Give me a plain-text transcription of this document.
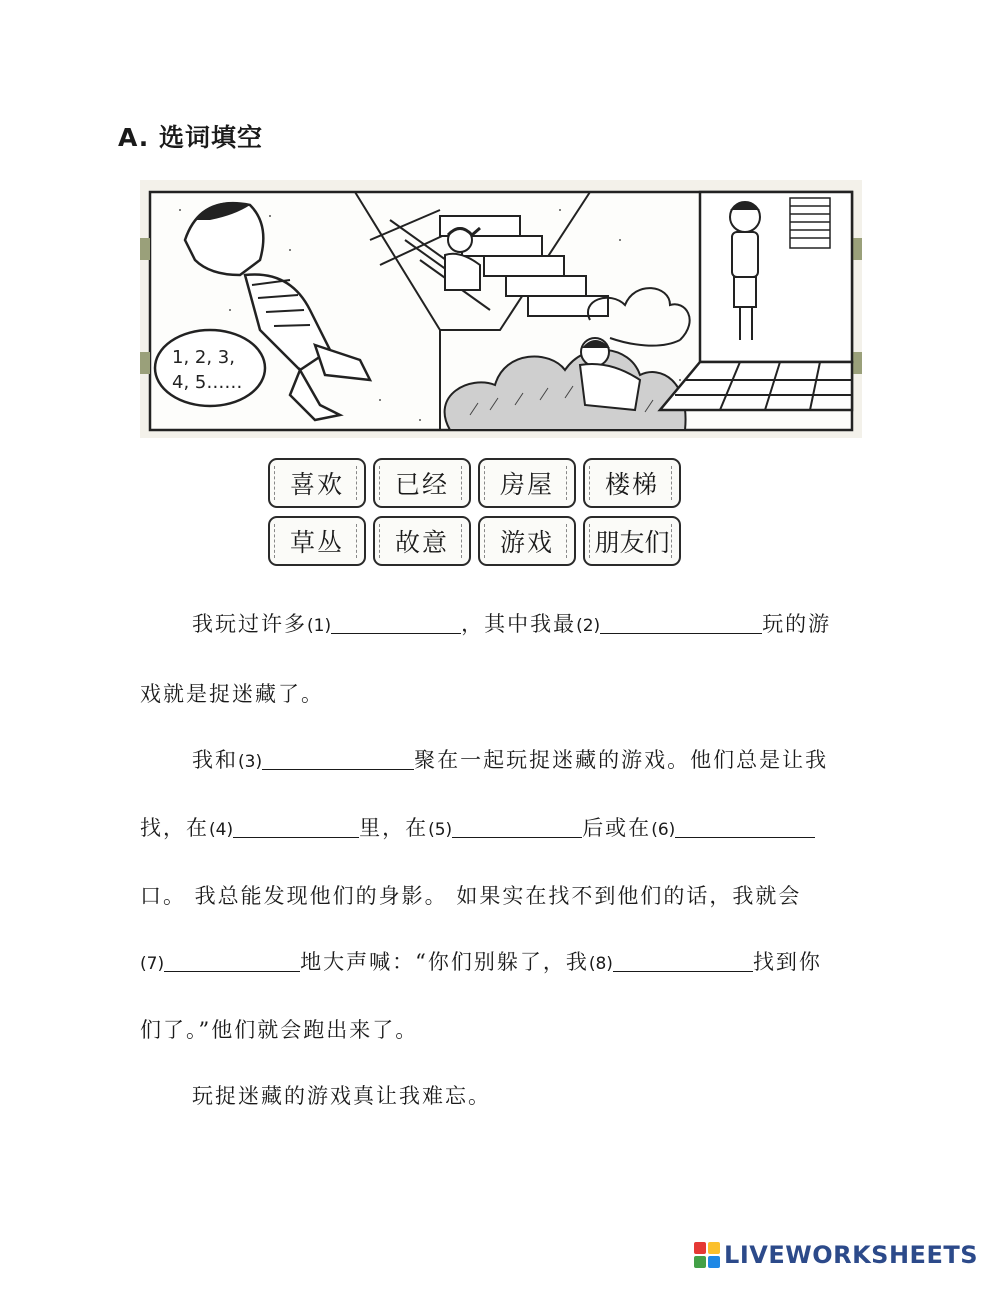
A. 选词填空
1, 2, 3,
4, 5……
喜欢	已经	房屋	楼梯
草丛	故意	游戏	朋友们
我玩过许多(1)	，其中我最(2)	玩的游
戏就是捉迷藏了。
我和(3)	聚在一起玩捉迷藏的游戏。他们总是让我
找，在(4)	里，在(5)	后或在(6)
口。 我总能发现他们的身影。 如果实在找不到他们的话，我就会
(7)	地大声喊：“你们别躲了，我(8)	找到你
们了。”他们就会跑出来了。
玩捉迷藏的游戏真让我难忘。
LIVEWORKSHEETS
